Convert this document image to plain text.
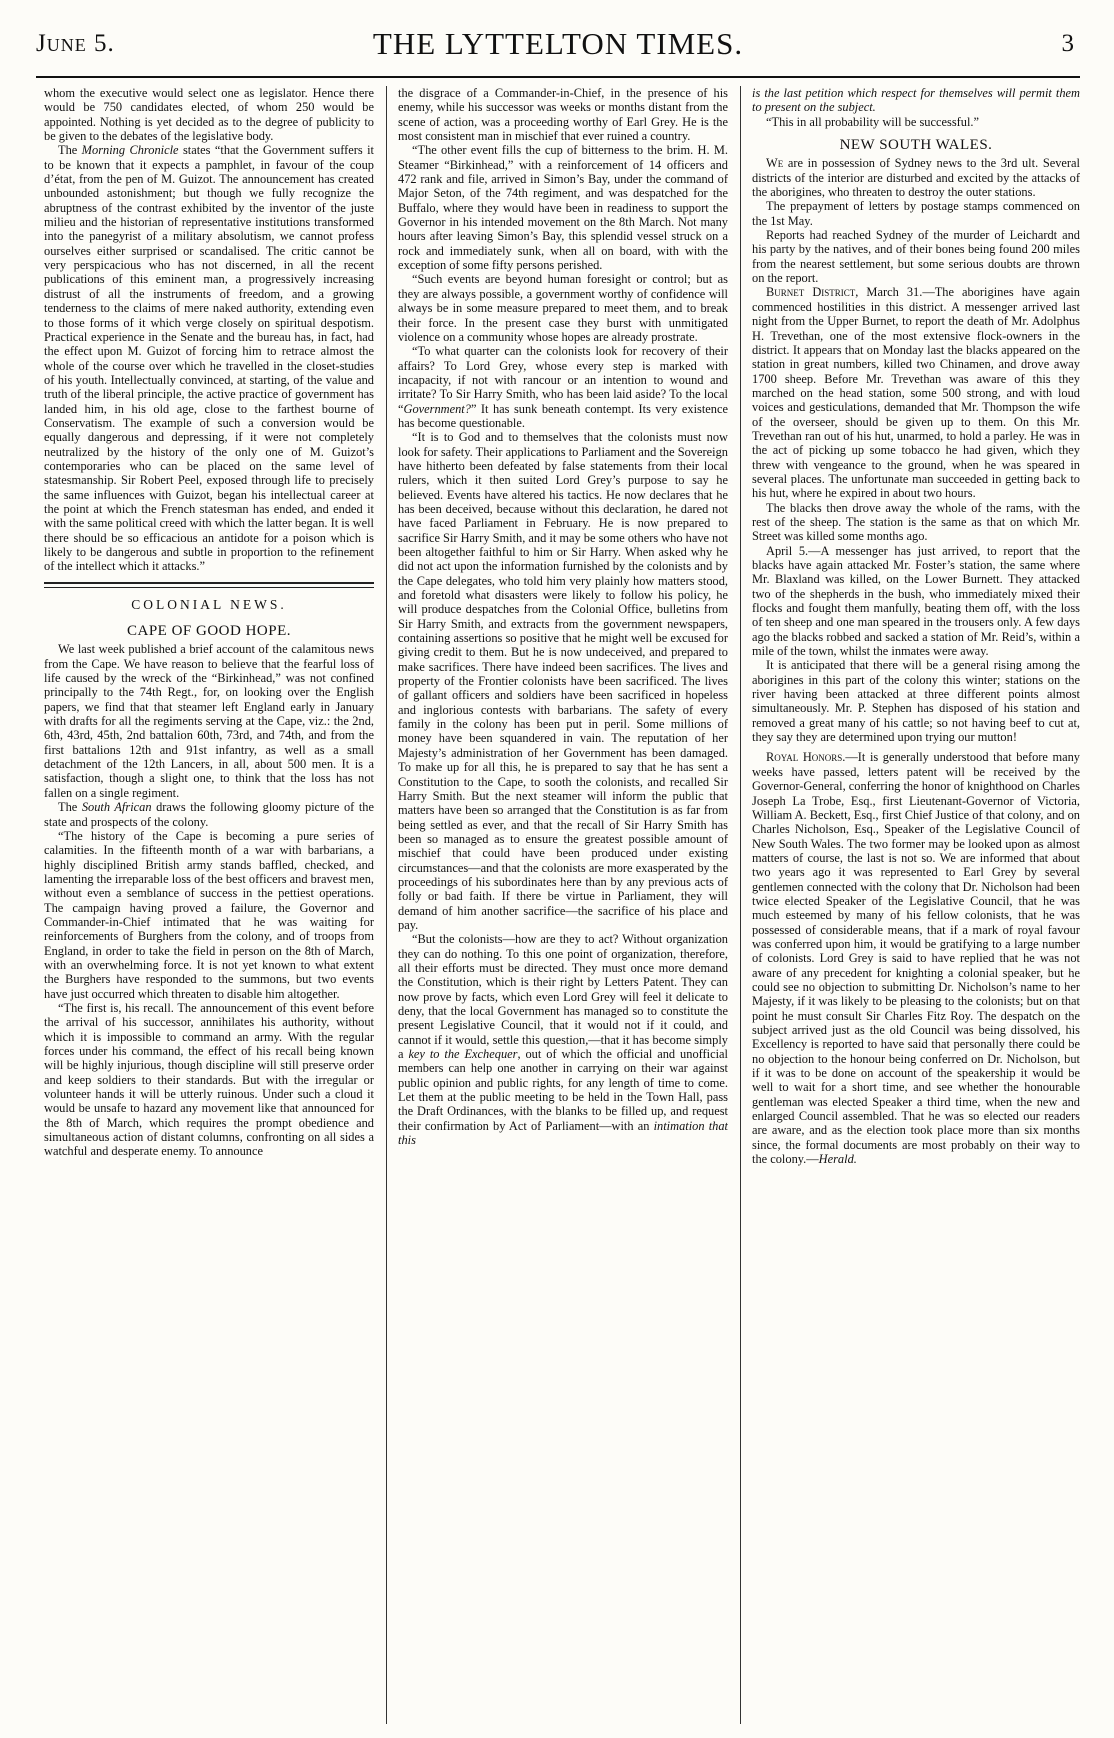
June 5.	THE LYTTELTON TIMES.	3

whom the executive would select one as legislator. Hence there would be 750 candidates elected, of whom 250 would be appointed. Nothing is yet decided as to the degree of publicity to be given to the debates of the legislative body.

The Morning Chronicle states “that the Government suffers it to be known that it expects a pamphlet, in favour of the coup d’état, from the pen of M. Guizot. The announcement has created unbounded astonishment; but though we fully recognize the abruptness of the contrast exhibited by the inventor of the juste milieu and the historian of representative institutions transformed into the panegyrist of a military absolutism, we cannot profess ourselves either surprised or scandalised. The critic cannot be very perspicacious who has not discerned, in all the recent publications of this eminent man, a progressively increasing distrust of all the instruments of freedom, and a growing tenderness to the claims of mere naked authority, extending even to those forms of it which verge closely on spiritual despotism. Practical experience in the Senate and the bureau has, in fact, had the effect upon M. Guizot of forcing him to retrace almost the whole of the course over which he travelled in the closet-studies of his youth. Intellectually convinced, at starting, of the value and truth of the liberal principle, the active practice of government has landed him, in his old age, close to the farthest bourne of Conservatism. The example of such a conversion would be equally dangerous and depressing, if it were not completely neutralized by the history of the only one of M. Guizot’s contemporaries who can be placed on the same level of statesmanship. Sir Robert Peel, exposed through life to precisely the same influences with Guizot, began his intellectual career at the point at which the French statesman has ended, and ended it with the same political creed with which the latter began. It is well there should be so efficacious an antidote for a poison which is likely to be dangerous and subtle in proportion to the refinement of the intellect which it attacks.”

COLONIAL NEWS.
CAPE OF GOOD HOPE.

We last week published a brief account of the calamitous news from the Cape. We have reason to believe that the fearful loss of life caused by the wreck of the “Birkinhead,” was not confined principally to the 74th Regt., for, on looking over the English papers, we find that that steamer left England early in January with drafts for all the regiments serving at the Cape, viz.: the 2nd, 6th, 43rd, 45th, 2nd battalion 60th, 73rd, and 74th, and from the first battalions 12th and 91st infantry, as well as a small detachment of the 12th Lancers, in all, about 500 men. It is a satisfaction, though a slight one, to think that the loss has not fallen on a single regiment.

The South African draws the following gloomy picture of the state and prospects of the colony.

“The history of the Cape is becoming a pure series of calamities. In the fifteenth month of a war with barbarians, a highly disciplined British army stands baffled, checked, and lamenting the irreparable loss of the best officers and bravest men, without even a semblance of success in the pettiest operations. The campaign having proved a failure, the Governor and Commander-in-Chief intimated that he was waiting for reinforcements of Burghers from the colony, and of troops from England, in order to take the field in person on the 8th of March, with an overwhelming force. It is not yet known to what extent the Burghers have responded to the summons, but two events have just occurred which threaten to disable him altogether.

“The first is, his recall. The announcement of this event before the arrival of his successor, annihilates his authority, without which it is impossible to command an army. With the regular forces under his command, the effect of his recall being known will be highly injurious, though discipline will still preserve order and keep soldiers to their standards. But with the irregular or volunteer hands it will be utterly ruinous. Under such a cloud it would be unsafe to hazard any movement like that announced for the 8th of March, which requires the prompt obedience and simultaneous action of distant columns, confronting on all sides a watchful and desperate enemy. To announce

the disgrace of a Commander-in-Chief, in the presence of his enemy, while his successor was weeks or months distant from the scene of action, was a proceeding worthy of Earl Grey. He is the most consistent man in mischief that ever ruined a country.

“The other event fills the cup of bitterness to the brim. H. M. Steamer “Birkinhead,” with a reinforcement of 14 officers and 472 rank and file, arrived in Simon’s Bay, under the command of Major Seton, of the 74th regiment, and was despatched for the Buffalo, where they would have been in readiness to support the Governor in his intended movement on the 8th March. Not many hours after leaving Simon’s Bay, this splendid vessel struck on a rock and immediately sunk, when all on board, with with the exception of some fifty persons perished.

“Such events are beyond human foresight or control; but as they are always possible, a government worthy of confidence will always be in some measure prepared to meet them, and to break their force. In the present case they burst with unmitigated violence on a community whose hopes are already prostrate.

“To what quarter can the colonists look for recovery of their affairs? To Lord Grey, whose every step is marked with incapacity, if not with rancour or an intention to wound and irritate? To Sir Harry Smith, who has been laid aside? To the local “Government?” It has sunk beneath contempt. Its very existence has become questionable.

“It is to God and to themselves that the colonists must now look for safety. Their applications to Parliament and the Sovereign have hitherto been defeated by false statements from their local rulers, which it then suited Lord Grey’s purpose to say he believed. Events have altered his tactics. He now declares that he has been deceived, because without this declaration, he dared not have faced Parliament in February. He is now prepared to sacrifice Sir Harry Smith, and it may be some others who have not been altogether faithful to him or Sir Harry. When asked why he did not act upon the information furnished by the colonists and by the Cape delegates, who told him very plainly how matters stood, and foretold what disasters were likely to follow his policy, he will produce despatches from the Colonial Office, bulletins from Sir Harry Smith, and extracts from the government newspapers, containing assertions so positive that he might well be excused for giving credit to them. But he is now undeceived, and prepared to make sacrifices. There have indeed been sacrifices. The lives and property of the Frontier colonists have been sacrificed. The lives of gallant officers and soldiers have been sacrificed in hopeless and inglorious contests with barbarians. The safety of every family in the colony has been put in peril. Some millions of money have been squandered in vain. The reputation of her Majesty’s administration of her Government has been damaged. To make up for all this, he is prepared to say that he has sent a Constitution to the Cape, to sooth the colonists, and recalled Sir Harry Smith. But the next steamer will inform the public that matters have been so arranged that the Constitution is as far from being settled as ever, and that the recall of Sir Harry Smith has been so managed as to ensure the greatest possible amount of mischief that could have been produced under existing circumstances—and that the colonists are more exasperated by the proceedings of his subordinates here than by any previous acts of folly or bad faith. If there be virtue in Parliament, they will demand of him another sacrifice—the sacrifice of his place and pay.

“But the colonists—how are they to act? Without organization they can do nothing. To this one point of organization, therefore, all their efforts must be directed. They must once more demand the Constitution, which is their right by Letters Patent. They can now prove by facts, which even Lord Grey will feel it delicate to deny, that the local Government has managed so to constitute the present Legislative Council, that it would not if it could, and cannot if it would, settle this question,—that it has become simply a key to the Exchequer, out of which the official and unofficial members can help one another in carrying on their war against public opinion and public rights, for any length of time to come. Let them at the public meeting to be held in the Town Hall, pass the Draft Ordinances, with the blanks to be filled up, and request their confirmation by Act of Parliament—with an intimation that this

is the last petition which respect for themselves will permit them to present on the subject.

“This in all probability will be successful.”

NEW SOUTH WALES.

We are in possession of Sydney news to the 3rd ult. Several districts of the interior are disturbed and excited by the attacks of the aborigines, who threaten to destroy the outer stations.

The prepayment of letters by postage stamps commenced on the 1st May.

Reports had reached Sydney of the murder of Leichardt and his party by the natives, and of their bones being found 200 miles from the nearest settlement, but some serious doubts are thrown on the report.

Burnet District, March 31.—The aborigines have again commenced hostilities in this district. A messenger arrived last night from the Upper Burnet, to report the death of Mr. Adolphus H. Trevethan, one of the most extensive flock-owners in the district. It appears that on Monday last the blacks appeared on the station in great numbers, killed two Chinamen, and drove away 1700 sheep. Before Mr. Trevethan was aware of this they marched on the head station, some 500 strong, and with loud voices and gesticulations, demanded that Mr. Thompson the wife of the overseer, should be given up to them. On this Mr. Trevethan ran out of his hut, unarmed, to hold a parley. He was in the act of picking up some tobacco he had given, which they threw with vengeance to the ground, when he was speared in several places. The unfortunate man succeeded in getting back to his hut, where he expired in about two hours.

The blacks then drove away the whole of the rams, with the rest of the sheep. The station is the same as that on which Mr. Street was killed some months ago.

April 5.—A messenger has just arrived, to report that the blacks have again attacked Mr. Foster’s station, the same where Mr. Blaxland was killed, on the Lower Burnett. They attacked two of the shepherds in the bush, who immediately mixed their flocks and fought them manfully, beating them off, with the loss of ten sheep and one man speared in the trousers only. A few days ago the blacks robbed and sacked a station of Mr. Reid’s, within a mile of the town, whilst the inmates were away.

It is anticipated that there will be a general rising among the aborigines in this part of the colony this winter; stations on the river having been attacked at three different points almost simultaneously. Mr. P. Stephen has disposed of his station and removed a great many of his cattle; so not having beef to cut at, they say they are determined upon trying our mutton!

Royal Honors.—It is generally understood that before many weeks have passed, letters patent will be received by the Governor-General, conferring the honor of knighthood on Charles Joseph La Trobe, Esq., first Lieutenant-Governor of Victoria, William A. Beckett, Esq., first Chief Justice of that colony, and on Charles Nicholson, Esq., Speaker of the Legislative Council of New South Wales. The two former may be looked upon as almost matters of course, the last is not so. We are informed that about two years ago it was represented to Earl Grey by several gentlemen connected with the colony that Dr. Nicholson had been twice elected Speaker of the Legislative Council, that he was much esteemed by many of his fellow colonists, that he was possessed of considerable means, that if a mark of royal favour was conferred upon him, it would be gratifying to a large number of colonists. Lord Grey is said to have replied that he was not aware of any precedent for knighting a colonial speaker, but he could see no objection to submitting Dr. Nicholson’s name to her Majesty, if it was likely to be pleasing to the colonists; but on that point he must consult Sir Charles Fitz Roy. The despatch on the subject arrived just as the old Council was being dissolved, his Excellency is reported to have said that personally there could be no objection to the honour being conferred on Dr. Nicholson, but if it was to be done on account of the speakership it would be well to wait for a short time, and see whether the honourable gentleman was elected Speaker a third time, when the new and enlarged Council assembled. That he was so elected our readers are aware, and as the election took place more than six months since, the formal documents are most probably on their way to the colony.—Herald.
